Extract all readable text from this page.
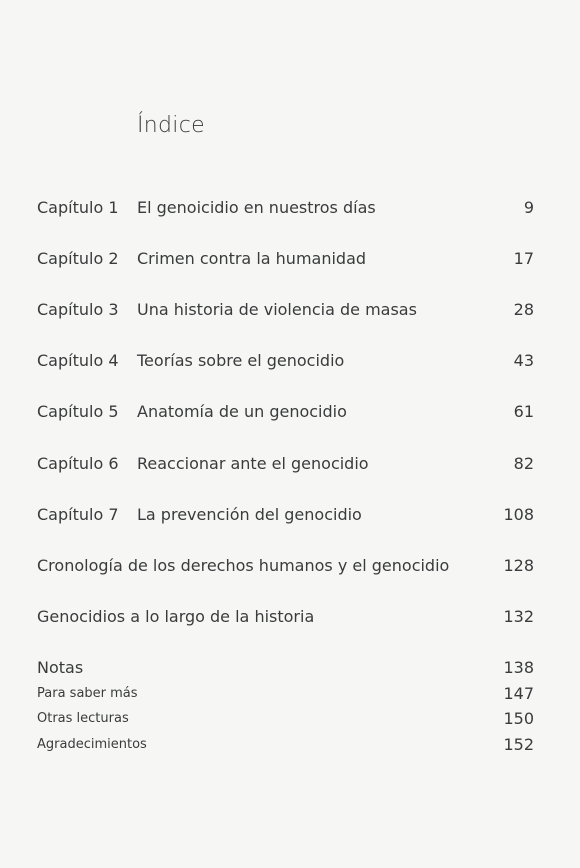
Índice
Capítulo 1 El genoicidio en nuestros días	9
Capítulo 2 Crimen contra la humanidad	17
Capítulo 3 Una historia de violencia de masas	28
Capítulo 4 Teorías sobre el genocidio	43
Capítulo 5 Anatomía de un genocidio	61
Capítulo 6 Reaccionar ante el genocidio	82
Capítulo 7 La prevención del genocidio	108
Cronología de los derechos humanos y el genocidio	128
Genocidios a lo largo de la historia	132
Notas	138
Para saber más	147
Otras lecturas	150
Agradecimientos	152
